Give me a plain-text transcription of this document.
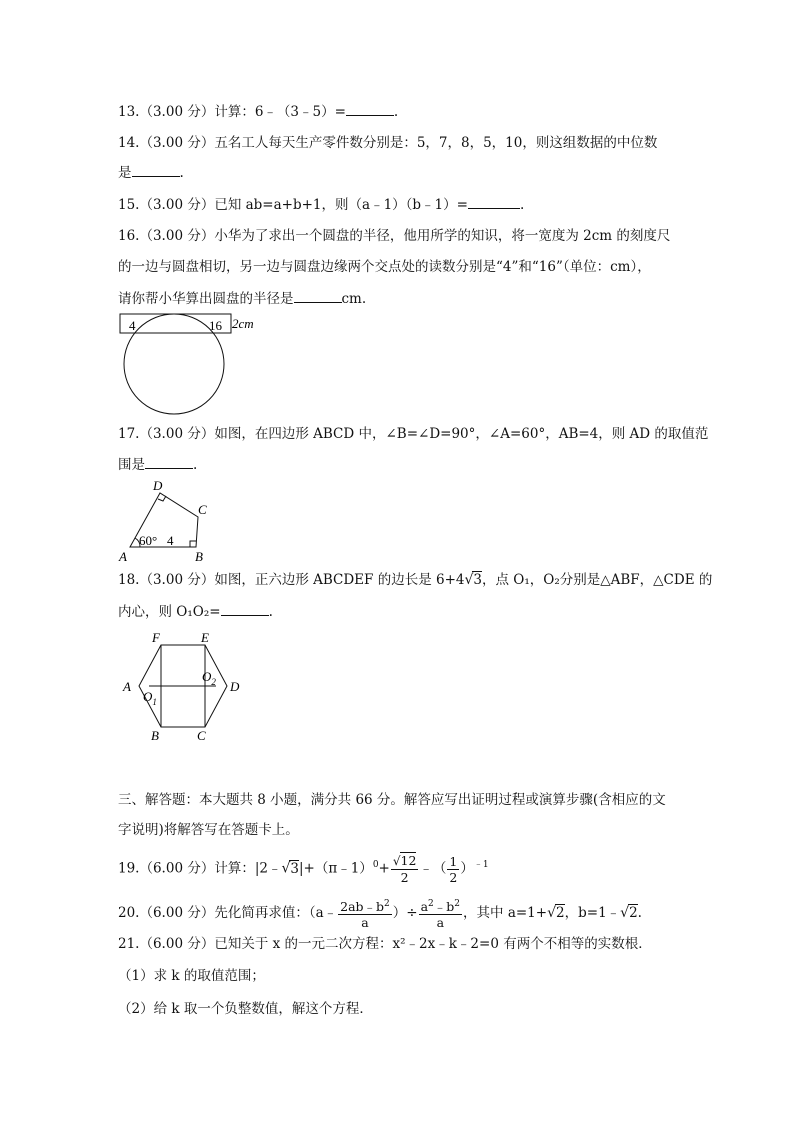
13.（3.00 分）计算：6﹣（3﹣5）=	.
14.（3.00 分）五名工人每天生产零件数分别是：5，7，8，5，10，则这组数据的中位数
是	.
15.（3.00 分）已知 ab=a+b+1，则（a﹣1）（b﹣1）=	.
16.（3.00 分）小华为了求出一个圆盘的半径，他用所学的知识，将一宽度为 2cm 的刻度尺
的一边与圆盘相切，另一边与圆盘边缘两个交点处的读数分别是“4”和“16”（单位：cm），
请你帮小华算出圆盘的半径是	cm.
4	16 2cm
17.（3.00 分）如图，在四边形 ABCD 中，∠B=∠D=90°，∠A=60°，AB=4，则 AD 的取值范
围是	.
D
C
A	B
60° 4
18.（3.00 分）如图，正六边形 ABCDEF 的边长是 6+4√3，点 O₁，O₂分别是△ABF，△CDE 的
内心，则 O₁O₂=	.
F	E
A	D
B	C
$O_1$
$O_2$
三、解答题：本大题共 8 小题，满分共 66 分。解答应写出证明过程或演算步骤(含相应的文
字说明)将解答写在答题卡上。
19.（6.00 分）计算：|2﹣√3|+（π﹣1）$^0$+ $\frac{√12}{2}$ ﹣（ $\frac{1}{2} )^{﹣1}$
20.（6.00 分）先化简再求值：（a﹣ $\frac{2ab﹣b^2}{a}$ ）÷ $\frac{a^2﹣b^2}{a}$ ，其中 a=1+√2，b=1﹣√2.
21.（6.00 分）已知关于 x 的一元二次方程：x²﹣2x﹣k﹣2=0 有两个不相等的实数根．
（1）求 k 的取值范围；
（2）给 k 取一个负整数值，解这个方程．
